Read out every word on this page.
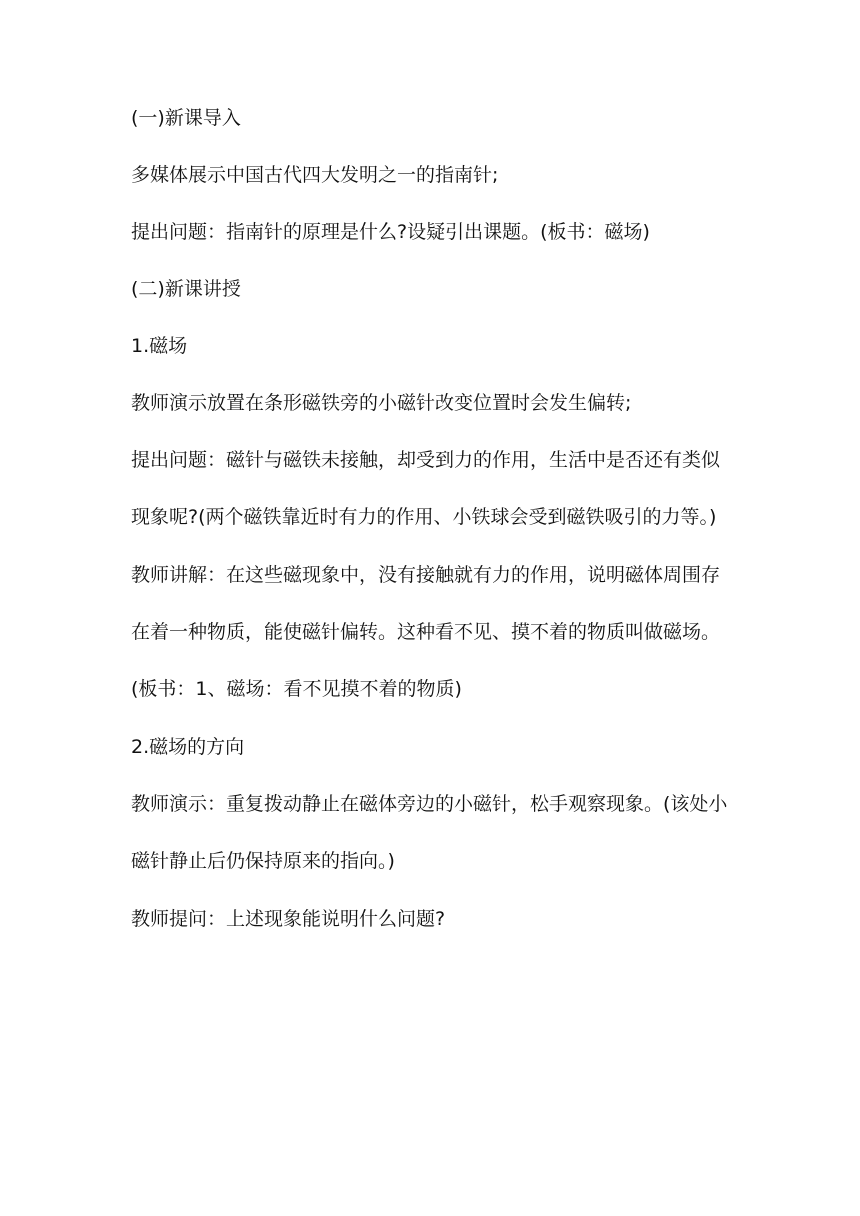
(一)新课导入

多媒体展示中国古代四大发明之一的指南针;

提出问题：指南针的原理是什么?设疑引出课题。(板书：磁场)

(二)新课讲授

1.磁场

教师演示放置在条形磁铁旁的小磁针改变位置时会发生偏转;

提出问题：磁针与磁铁未接触，却受到力的作用，生活中是否还有类似现象呢?(两个磁铁靠近时有力的作用、小铁球会受到磁铁吸引的力等。)

教师讲解：在这些磁现象中，没有接触就有力的作用，说明磁体周围存在着一种物质，能使磁针偏转。这种看不见、摸不着的物质叫做磁场。(板书：1、磁场：看不见摸不着的物质)

2.磁场的方向

教师演示：重复拨动静止在磁体旁边的小磁针，松手观察现象。(该处小磁针静止后仍保持原来的指向。)

教师提问：上述现象能说明什么问题?
